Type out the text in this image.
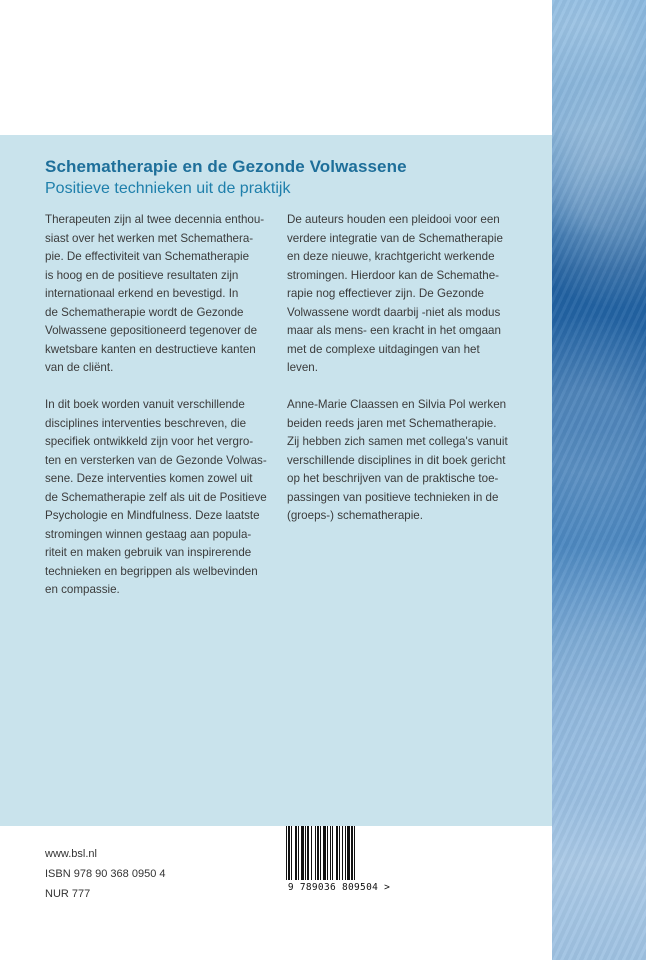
Schematherapie en de Gezonde Volwassene
Positieve technieken uit de praktijk

Therapeuten zijn al twee decennia enthou-
siast over het werken met Schemathera-
pie. De effectiviteit van Schematherapie
is hoog en de positieve resultaten zijn
internationaal erkend en bevestigd. In
de Schematherapie wordt de Gezonde
Volwassene gepositioneerd tegenover de
kwetsbare kanten en destructieve kanten
van de cliënt.

In dit boek worden vanuit verschillende
disciplines interventies beschreven, die
specifiek ontwikkeld zijn voor het vergro-
ten en versterken van de Gezonde Volwas-
sene. Deze interventies komen zowel uit
de Schematherapie zelf als uit de Positieve
Psychologie en Mindfulness. Deze laatste
stromingen winnen gestaag aan popula-
riteit en maken gebruik van inspirerende
technieken en begrippen als welbevinden
en compassie.

De auteurs houden een pleidooi voor een
verdere integratie van de Schematherapie
en deze nieuwe, krachtgericht werkende
stromingen. Hierdoor kan de Schemathe-
rapie nog effectiever zijn. De Gezonde
Volwassene wordt daarbij -niet als modus
maar als mens- een kracht in het omgaan
met de complexe uitdagingen van het
leven.

Anne-Marie Claassen en Silvia Pol werken
beiden reeds jaren met Schematherapie.
Zij hebben zich samen met collega's vanuit
verschillende disciplines in dit boek gericht
op het beschrijven van de praktische toe-
passingen van positieve technieken in de
(groeps-) schematherapie.

www.bsl.nl
ISBN 978 90 368 0950 4
NUR 777
9 789036 809504 >
